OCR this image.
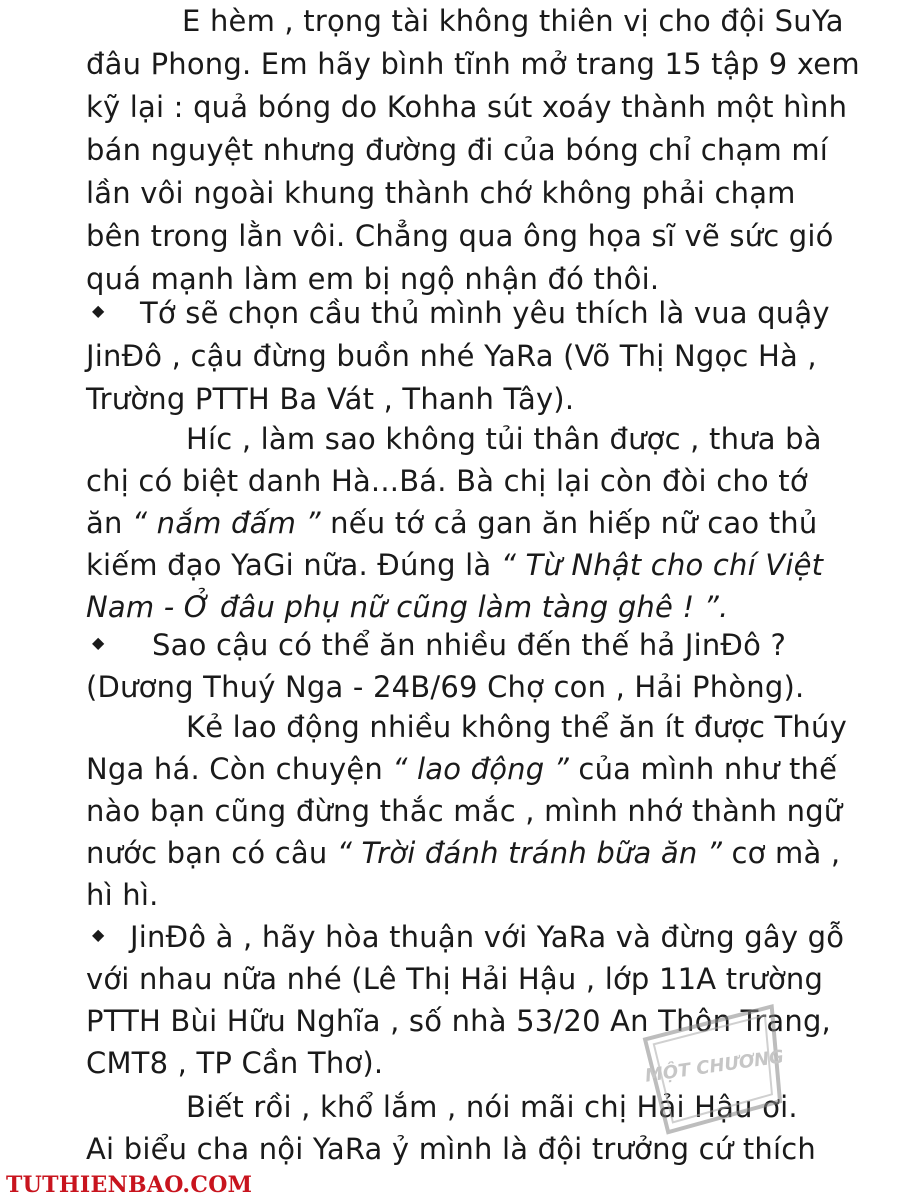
E hèm , trọng tài không thiên vị cho đội SuYa
đâu Phong. Em hãy bình tĩnh mở trang 15 tập 9 xem
kỹ lại : quả bóng do Kohha sút xoáy thành một hình
bán nguyệt nhưng đường đi của bóng chỉ chạm mí
lần vôi ngoài khung thành chớ không phải chạm
bên trong lằn vôi. Chẳng qua ông họa sĩ vẽ sức gió
quá mạnh làm em bị ngộ nhận đó thôi.
◆ Tớ sẽ chọn cầu thủ mình yêu thích là vua quậy
JinĐô , cậu đừng buồn nhé YaRa (Võ Thị Ngọc Hà ,
Trường PTTH Ba Vát , Thanh Tây).
Híc , làm sao không tủi thân được , thưa bà
chị có biệt danh Hà...Bá. Bà chị lại còn đòi cho tớ
ăn “ nắm đấm ” nếu tớ cả gan ăn hiếp nữ cao thủ
kiếm đạo YaGi nữa. Đúng là “ Từ Nhật cho chí Việt
Nam - Ở đâu phụ nữ cũng làm tàng ghê ! ”.
◆ Sao cậu có thể ăn nhiều đến thế hả JinĐô ?
(Dương Thuý Nga - 24B/69 Chợ con , Hải Phòng).
Kẻ lao động nhiều không thể ăn ít được Thúy
Nga há. Còn chuyện “ lao động ” của mình như thế
nào bạn cũng đừng thắc mắc , mình nhớ thành ngữ
nước bạn có câu “ Trời đánh tránh bữa ăn ” cơ mà ,
hì hì.
◆ JinĐô à , hãy hòa thuận với YaRa và đừng gây gỗ
với nhau nữa nhé (Lê Thị Hải Hậu , lớp 11A trường
PTTH Bùi Hữu Nghĩa , số nhà 53/20 An Thôn Trang,
CMT8 , TP Cần Thơ).
Biết rồi , khổ lắm , nói mãi chị Hải Hậu ơi.
Ai biểu cha nội YaRa ỷ mình là đội trưởng cứ thích
MỘT CHƯƠNG
TUTHIENBAO.COM
